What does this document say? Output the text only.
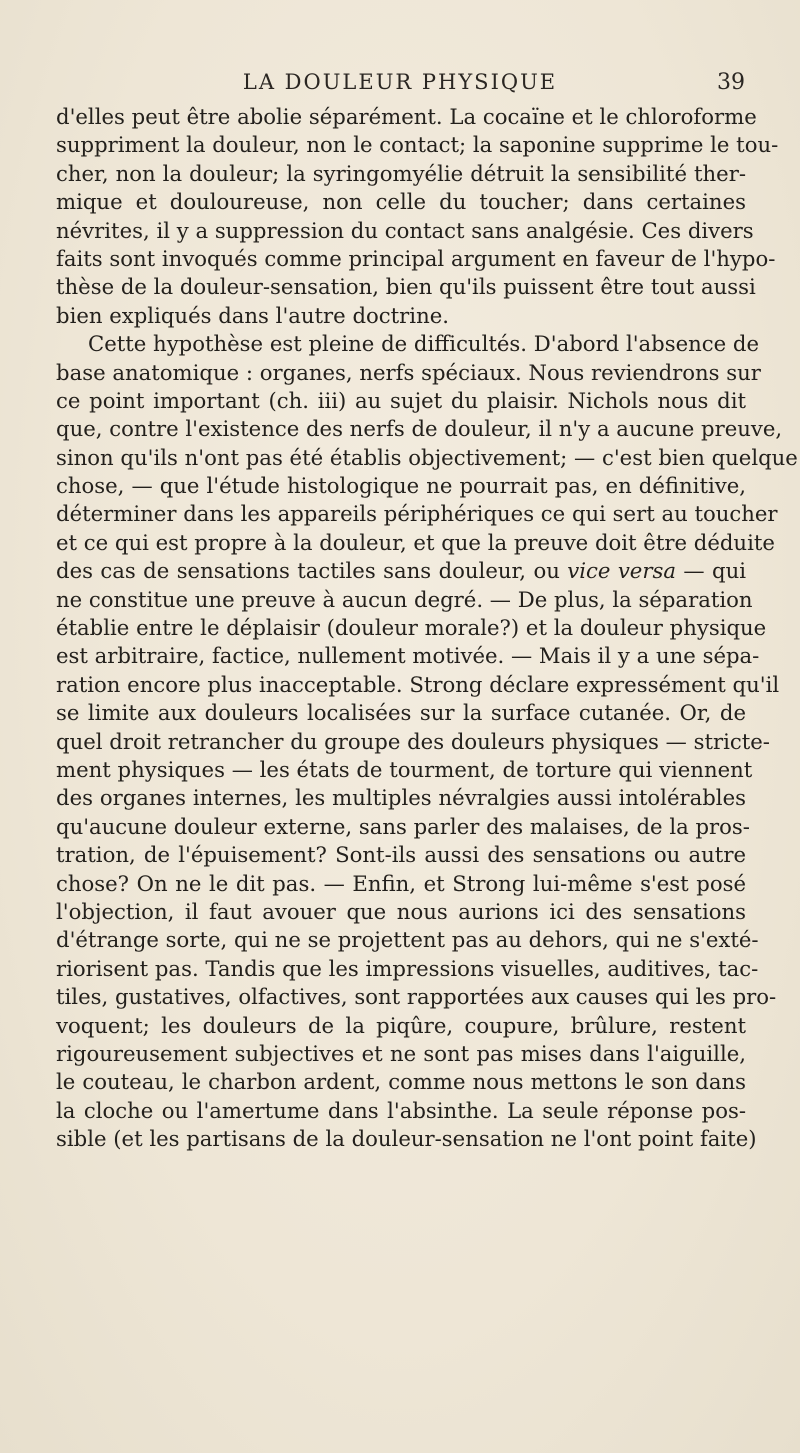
LA DOULEUR PHYSIQUE	39
d'elles peut être abolie séparément. La cocaïne et le chloroforme
suppriment la douleur, non le contact; la saponine supprime le tou-
cher, non la douleur; la syringomyélie détruit la sensibilité ther-
mique et douloureuse, non celle du toucher; dans certaines
névrites, il y a suppression du contact sans analgésie. Ces divers
faits sont invoqués comme principal argument en faveur de l'hypo-
thèse de la douleur-sensation, bien qu'ils puissent être tout aussi
bien expliqués dans l'autre doctrine.
Cette hypothèse est pleine de difficultés. D'abord l'absence de
base anatomique : organes, nerfs spéciaux. Nous reviendrons sur
ce point important (ch. iii) au sujet du plaisir. Nichols nous dit
que, contre l'existence des nerfs de douleur, il n'y a aucune preuve,
sinon qu'ils n'ont pas été établis objectivement; — c'est bien quelque
chose, — que l'étude histologique ne pourrait pas, en définitive,
déterminer dans les appareils périphériques ce qui sert au toucher
et ce qui est propre à la douleur, et que la preuve doit être déduite
des cas de sensations tactiles sans douleur, ou vice versa — qui
ne constitue une preuve à aucun degré. — De plus, la séparation
établie entre le déplaisir (douleur morale?) et la douleur physique
est arbitraire, factice, nullement motivée. — Mais il y a une sépa-
ration encore plus inacceptable. Strong déclare expressément qu'il
se limite aux douleurs localisées sur la surface cutanée. Or, de
quel droit retrancher du groupe des douleurs physiques — stricte-
ment physiques — les états de tourment, de torture qui viennent
des organes internes, les multiples névralgies aussi intolérables
qu'aucune douleur externe, sans parler des malaises, de la pros-
tration, de l'épuisement? Sont-ils aussi des sensations ou autre
chose? On ne le dit pas. — Enfin, et Strong lui-même s'est posé
l'objection, il faut avouer que nous aurions ici des sensations
d'étrange sorte, qui ne se projettent pas au dehors, qui ne s'exté-
riorisent pas. Tandis que les impressions visuelles, auditives, tac-
tiles, gustatives, olfactives, sont rapportées aux causes qui les pro-
voquent; les douleurs de la piqûre, coupure, brûlure, restent
rigoureusement subjectives et ne sont pas mises dans l'aiguille,
le couteau, le charbon ardent, comme nous mettons le son dans
la cloche ou l'amertume dans l'absinthe. La seule réponse pos-
sible (et les partisans de la douleur-sensation ne l'ont point faite)
